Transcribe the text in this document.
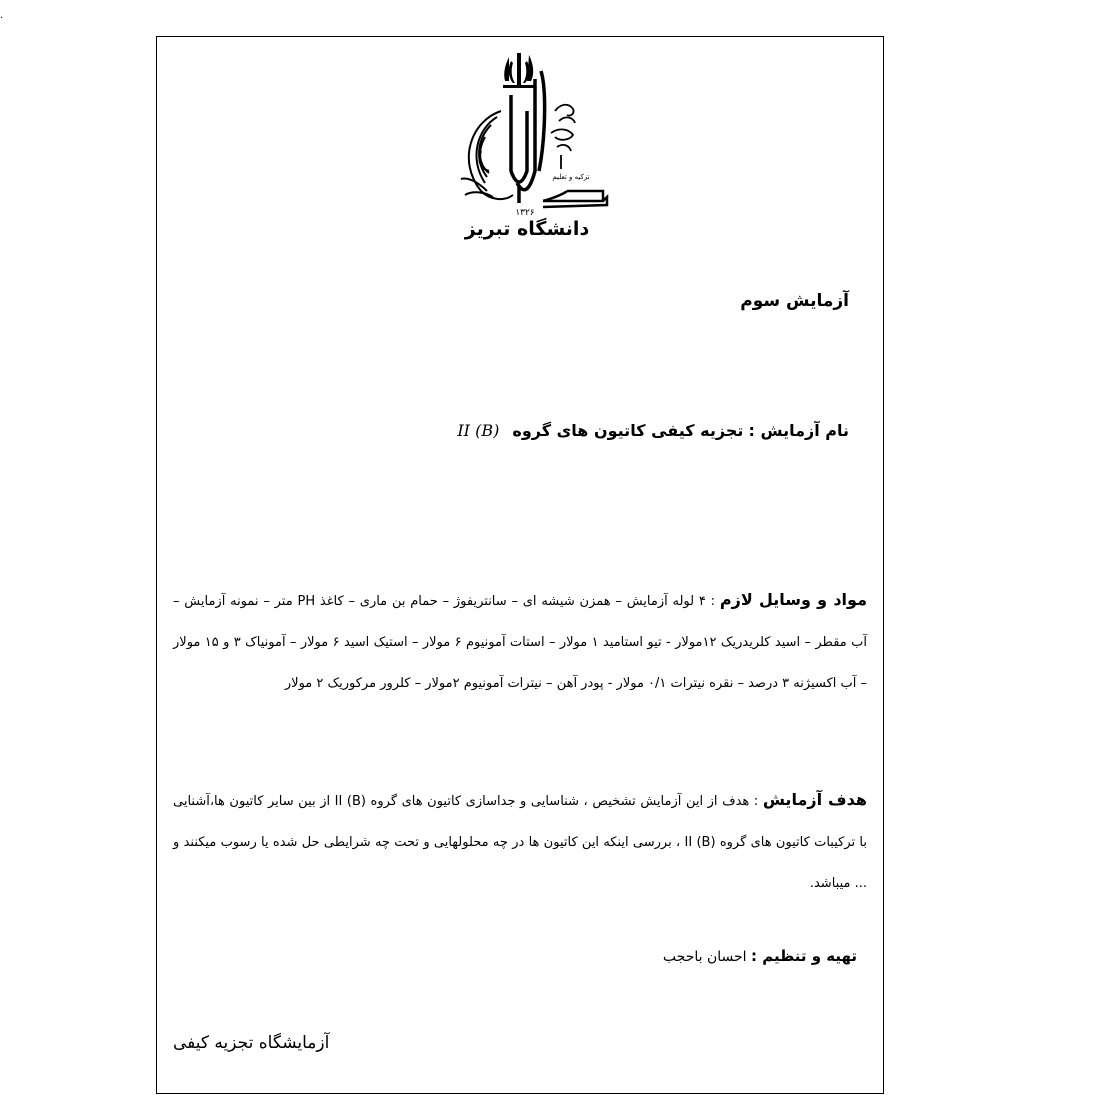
.
تزکیه و تعلیم
۱۳۲۶
دانشگاه تبریز
آزمایش سوم
نام آزمایش : تجزیه کیفی کاتیون های گروه II (B)
مواد و وسایل لازم : ۴ لوله آزمایش – همزن شیشه ای – سانتریفوژ – حمام بن ماری – کاغذ PH متر – نمونه آزمایش – آب مقطر – اسید کلریدریک ۱۲مولار - تیو استامید ۱ مولار – استات آمونیوم ۶ مولار – استیک اسید ۶ مولار – آمونیاک ۳ و ۱۵ مولار – آب اکسیژنه ۳ درصد – نقره نیترات ۰/۱ مولار - پودر آهن – نیترات آمونیوم ۲مولار – کلرور مرکوریک ۲ مولار
هدف آزمایش : هدف از این آزمایش تشخیص ، شناسایی و جداسازی کاتیون های گروه II (B) از بین سایر کاتیون ها،آشنایی با ترکیبات کاتیون های گروه II (B) ، بررسی اینکه این کاتیون ها در چه محلولهایی و تحت چه شرایطی حل شده یا رسوب میکنند و ... میباشد.
تهیه و تنظیم : احسان باحجب
آزمایشگاه تجزیه کیفی
